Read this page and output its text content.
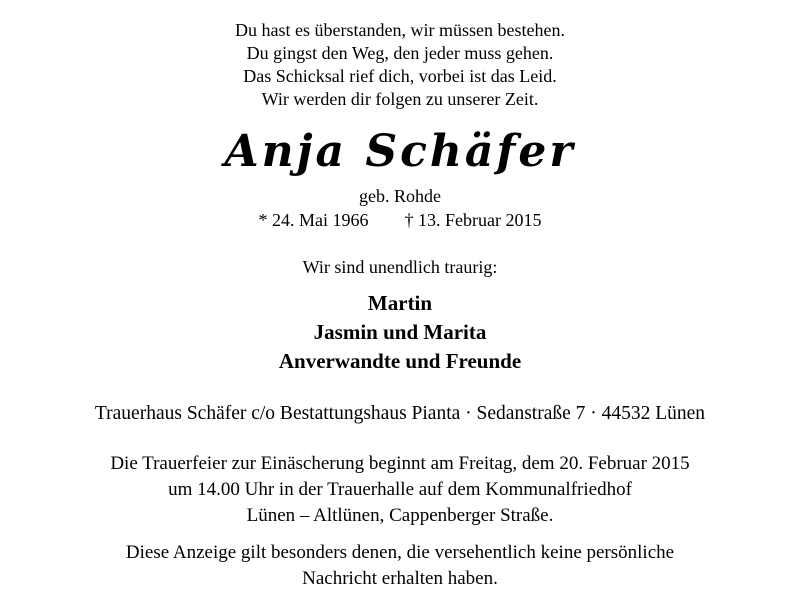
Du hast es überstanden, wir müssen bestehen.
Du gingst den Weg, den jeder muss gehen.
Das Schicksal rief dich, vorbei ist das Leid.
Wir werden dir folgen zu unserer Zeit.
Anja Schäfer
geb. Rohde
* 24. Mai 1966 † 13. Februar 2015
Wir sind unendlich traurig:
Martin
Jasmin und Marita
Anverwandte und Freunde
Trauerhaus Schäfer c/o Bestattungshaus Pianta · Sedanstraße 7 · 44532 Lünen
Die Trauerfeier zur Einäscherung beginnt am Freitag, dem 20. Februar 2015
um 14.00 Uhr in der Trauerhalle auf dem Kommunalfriedhof
Lünen – Altlünen, Cappenberger Straße.
Diese Anzeige gilt besonders denen, die versehentlich keine persönliche
Nachricht erhalten haben.
